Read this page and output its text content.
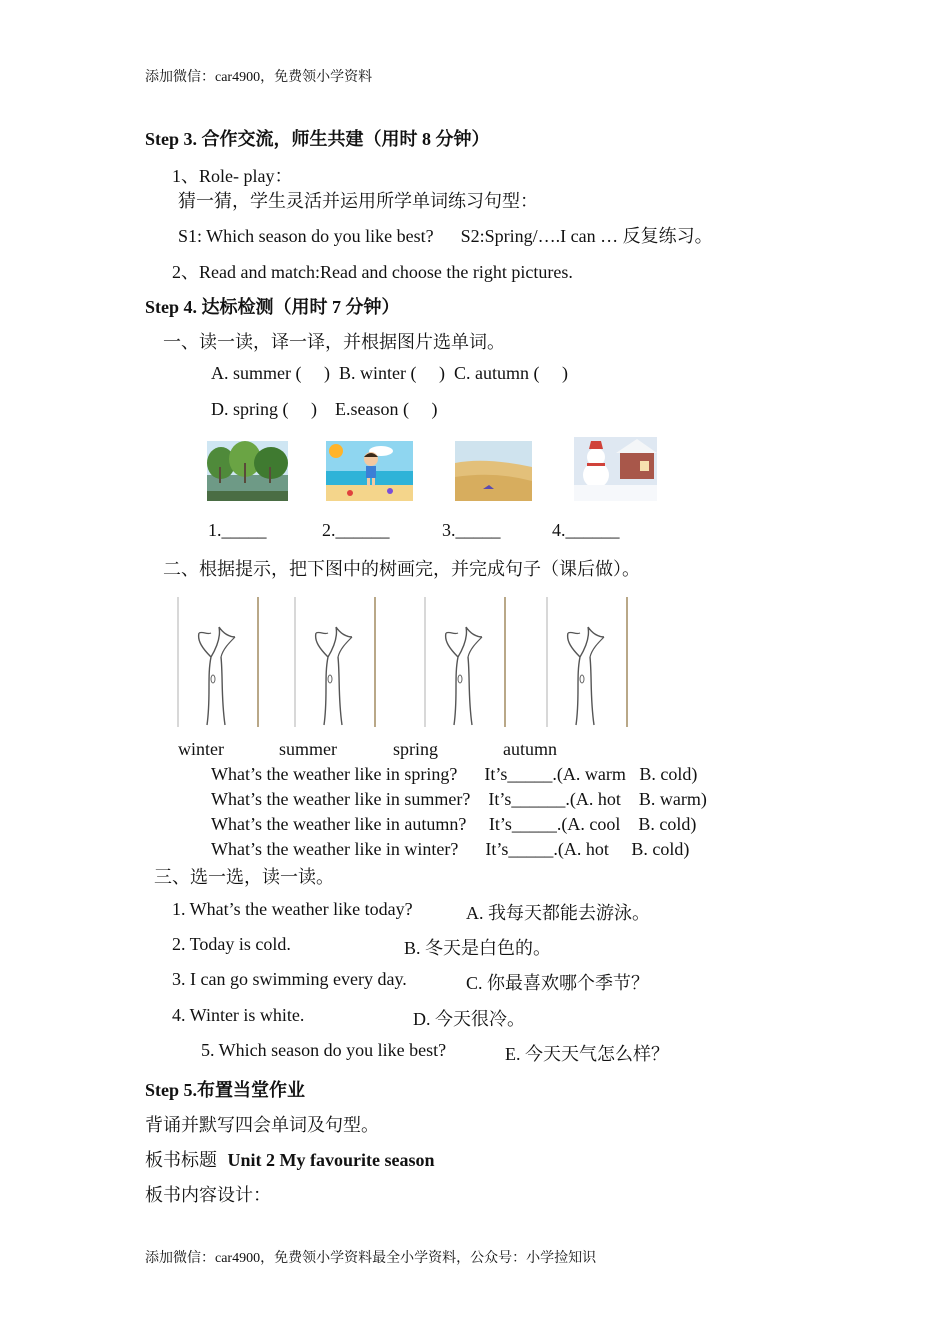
添加微信：car4900，免费领小学资料
Step 3. 合作交流，师生共建（用时 8 分钟）
1、Role- play：
猜一猜，学生灵活并运用所学单词练习句型：
S1: Which season do you like best?      S2:Spring/….I can … 反复练习。
2、Read and match:Read and choose the right pictures.
Step 4. 达标检测（用时 7 分钟）
一、读一读，译一译，并根据图片选单词。
A. summer (     )  B. winter (     )  C. autumn (     )
D. spring (     )    E.season (     )
1._____	2.______	3._____	4.______
二、根据提示，把下图中的树画完，并完成句子（课后做）。
winter	summer	spring	autumn
What’s the weather like in spring?      It’s_____.(A. warm   B. cold)
What’s the weather like in summer?    It’s______.(A. hot    B. warm)
What’s the weather like in autumn?     It’s_____.(A. cool    B. cold)
What’s the weather like in winter?      It’s_____.(A. hot     B. cold)
三、选一选，读一读。
1. What’s the weather like today?	A. 我每天都能去游泳。
2. Today is cold.	B. 冬天是白色的。
3. I can go swimming every day.	C. 你最喜欢哪个季节？
4. Winter is white.	D. 今天很冷。
5. Which season do you like best?	E. 今天天气怎么样？
Step 5.布置当堂作业
背诵并默写四会单词及句型。
板书标题 Unit 2 My favourite season
板书内容设计：
添加微信：car4900，免费领小学资料最全小学资料，公众号：小学捡知识
